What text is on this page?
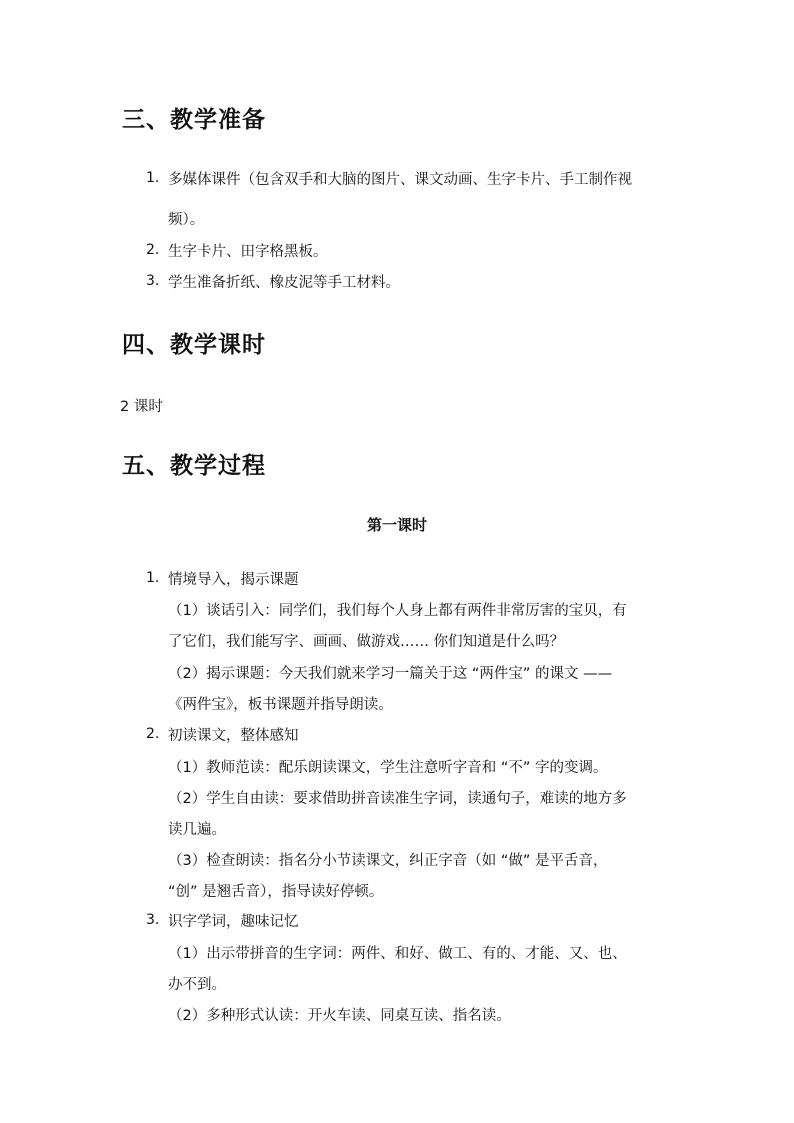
三、教学准备
1. 多媒体课件（包含双手和大脑的图片、课文动画、生字卡片、手工制作视
频）。
2. 生字卡片、田字格黑板。
3. 学生准备折纸、橡皮泥等手工材料。
四、教学课时
2 课时
五、教学过程
第一课时
1. 情境导入，揭示课题
（1）谈话引入：同学们，我们每个人身上都有两件非常厉害的宝贝，有
了它们，我们能写字、画画、做游戏…… 你们知道是什么吗？
（2）揭示课题：今天我们就来学习一篇关于这 “两件宝” 的课文 ——
《两件宝》，板书课题并指导朗读。
2. 初读课文，整体感知
（1）教师范读：配乐朗读课文，学生注意听字音和 “不” 字的变调。
（2）学生自由读：要求借助拼音读准生字词，读通句子，难读的地方多
读几遍。
（3）检查朗读：指名分小节读课文，纠正字音（如 “做” 是平舌音，
“创” 是翘舌音），指导读好停顿。
3. 识字学词，趣味记忆
（1）出示带拼音的生字词：两件、和好、做工、有的、才能、又、也、
办不到。
（2）多种形式认读：开火车读、同桌互读、指名读。
